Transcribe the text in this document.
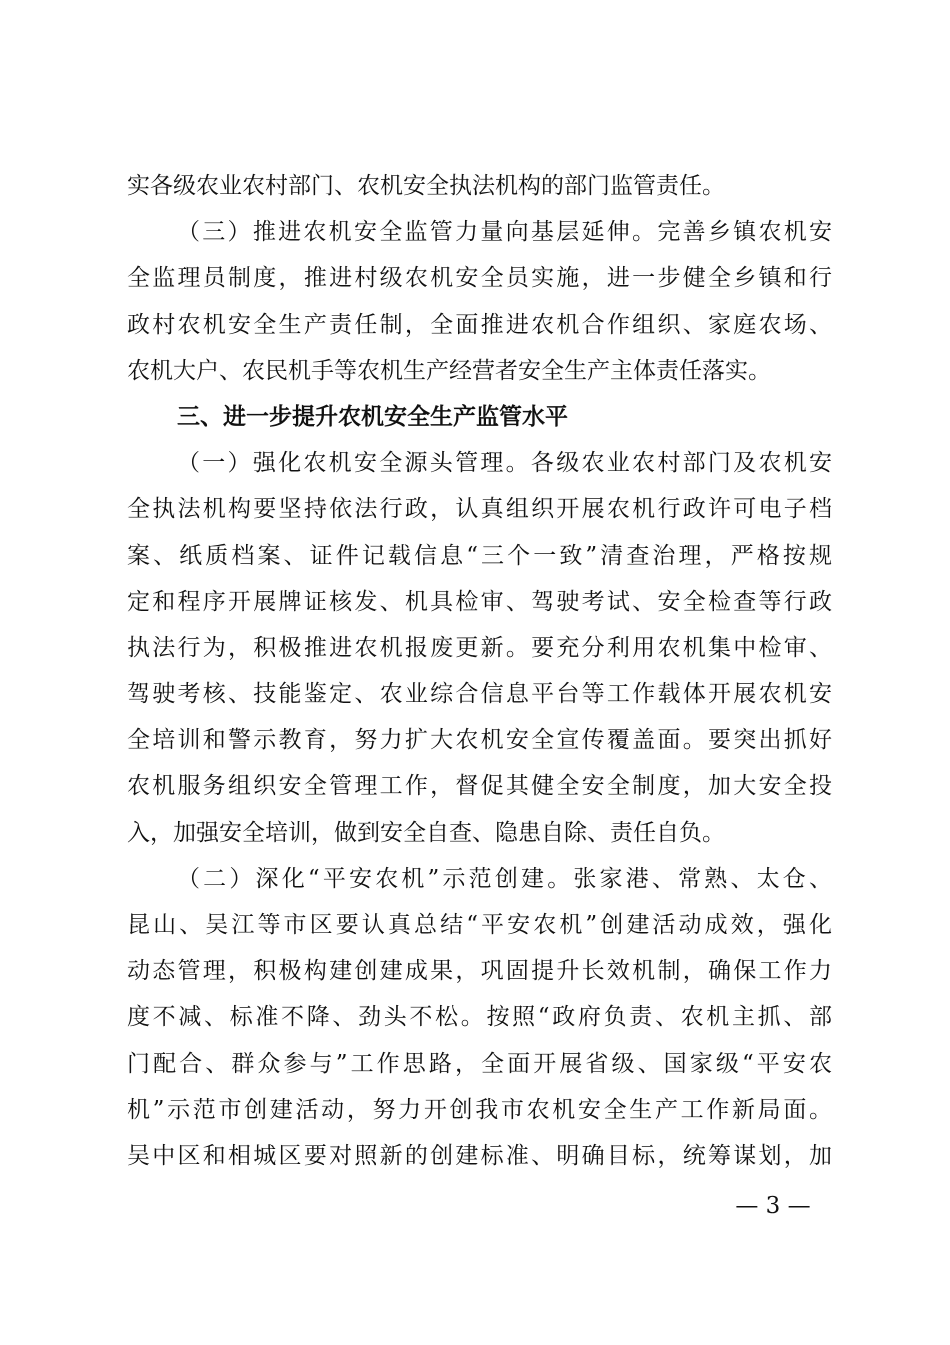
实各级农业农村部门、农机安全执法机构的部门监管责任。
（三）推进农机安全监管力量向基层延伸。完善乡镇农机安
全监理员制度，推进村级农机安全员实施，进一步健全乡镇和行
政村农机安全生产责任制，全面推进农机合作组织、家庭农场、
农机大户、农民机手等农机生产经营者安全生产主体责任落实。
三、进一步提升农机安全生产监管水平
（一）强化农机安全源头管理。各级农业农村部门及农机安
全执法机构要坚持依法行政，认真组织开展农机行政许可电子档
案、纸质档案、证件记载信息“三个一致”清查治理，严格按规
定和程序开展牌证核发、机具检审、驾驶考试、安全检查等行政
执法行为，积极推进农机报废更新。要充分利用农机集中检审、
驾驶考核、技能鉴定、农业综合信息平台等工作载体开展农机安
全培训和警示教育，努力扩大农机安全宣传覆盖面。要突出抓好
农机服务组织安全管理工作，督促其健全安全制度，加大安全投
入，加强安全培训，做到安全自查、隐患自除、责任自负。
（二）深化“平安农机”示范创建。张家港、常熟、太仓、
昆山、吴江等市区要认真总结“平安农机”创建活动成效，强化
动态管理，积极构建创建成果，巩固提升长效机制，确保工作力
度不减、标准不降、劲头不松。按照“政府负责、农机主抓、部
门配合、群众参与”工作思路，全面开展省级、国家级“平安农
机”示范市创建活动，努力开创我市农机安全生产工作新局面。
吴中区和相城区要对照新的创建标准、明确目标，统筹谋划，加
— 3 —
